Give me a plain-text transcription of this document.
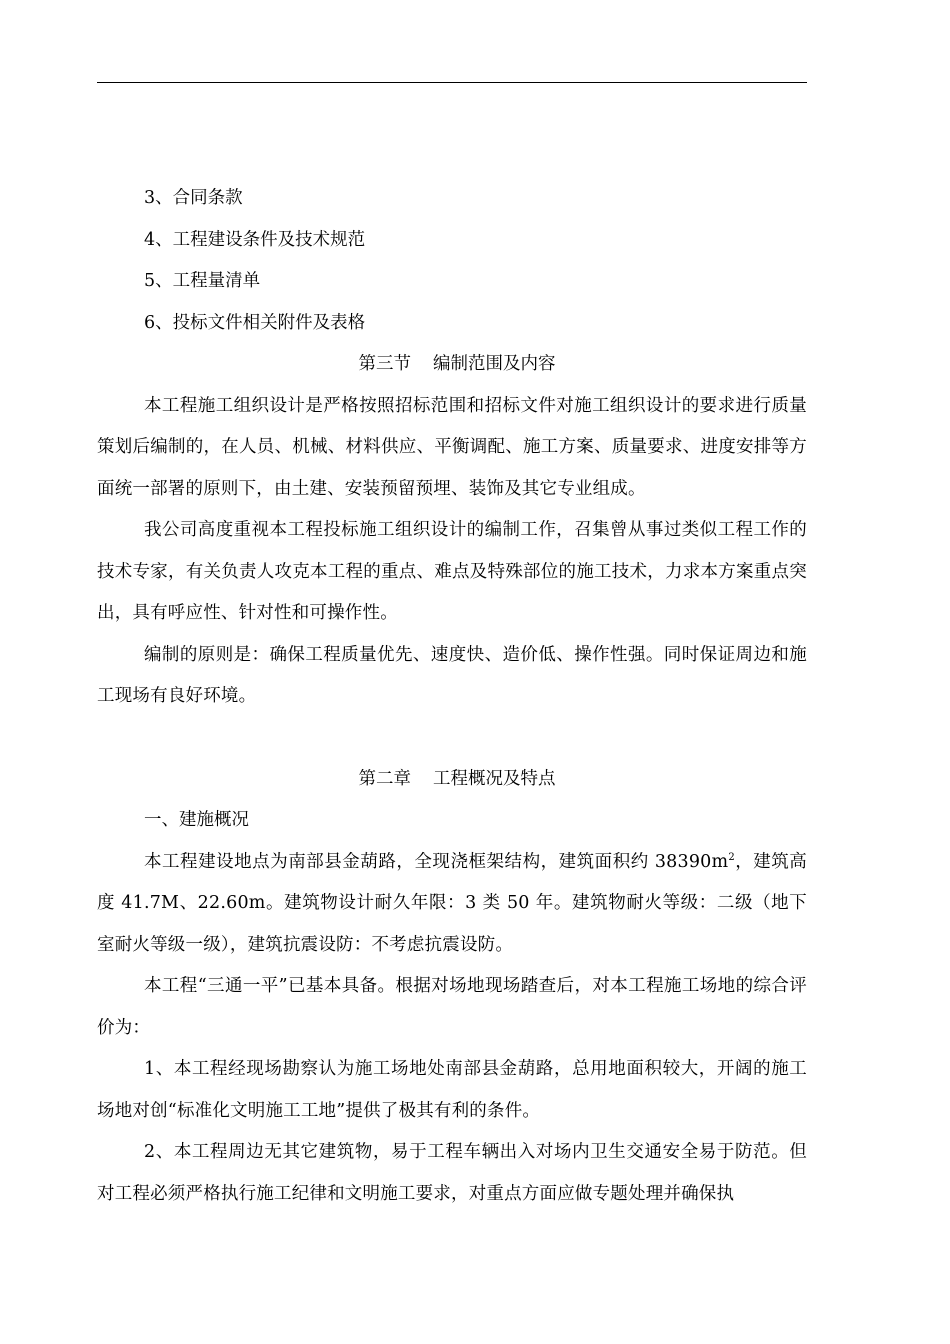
3、合同条款
4、工程建设条件及技术规范
5、工程量清单
6、投标文件相关附件及表格
第三节 编制范围及内容
本工程施工组织设计是严格按照招标范围和招标文件对施工组织设计的要求进行质量策划后编制的，在人员、机械、材料供应、平衡调配、施工方案、质量要求、进度安排等方面统一部署的原则下，由土建、安装预留预埋、装饰及其它专业组成。
我公司高度重视本工程投标施工组织设计的编制工作，召集曾从事过类似工程工作的技术专家，有关负责人攻克本工程的重点、难点及特殊部位的施工技术，力求本方案重点突出，具有呼应性、针对性和可操作性。
编制的原则是：确保工程质量优先、速度快、造价低、操作性强。同时保证周边和施工现场有良好环境。
第二章 工程概况及特点
一、建施概况
本工程建设地点为南部县金葫路，全现浇框架结构，建筑面积约 $38390m^2$，建筑高度 41.7M、22.60m。建筑物设计耐久年限：3 类 50 年。建筑物耐火等级：二级（地下室耐火等级一级），建筑抗震设防：不考虑抗震设防。
本工程“三通一平”已基本具备。根据对场地现场踏查后，对本工程施工场地的综合评价为：
1、本工程经现场勘察认为施工场地处南部县金葫路，总用地面积较大，开阔的施工场地对创“标准化文明施工工地”提供了极其有利的条件。
2、本工程周边无其它建筑物，易于工程车辆出入对场内卫生交通安全易于防范。但对工程必须严格执行施工纪律和文明施工要求，对重点方面应做专题处理并确保执
